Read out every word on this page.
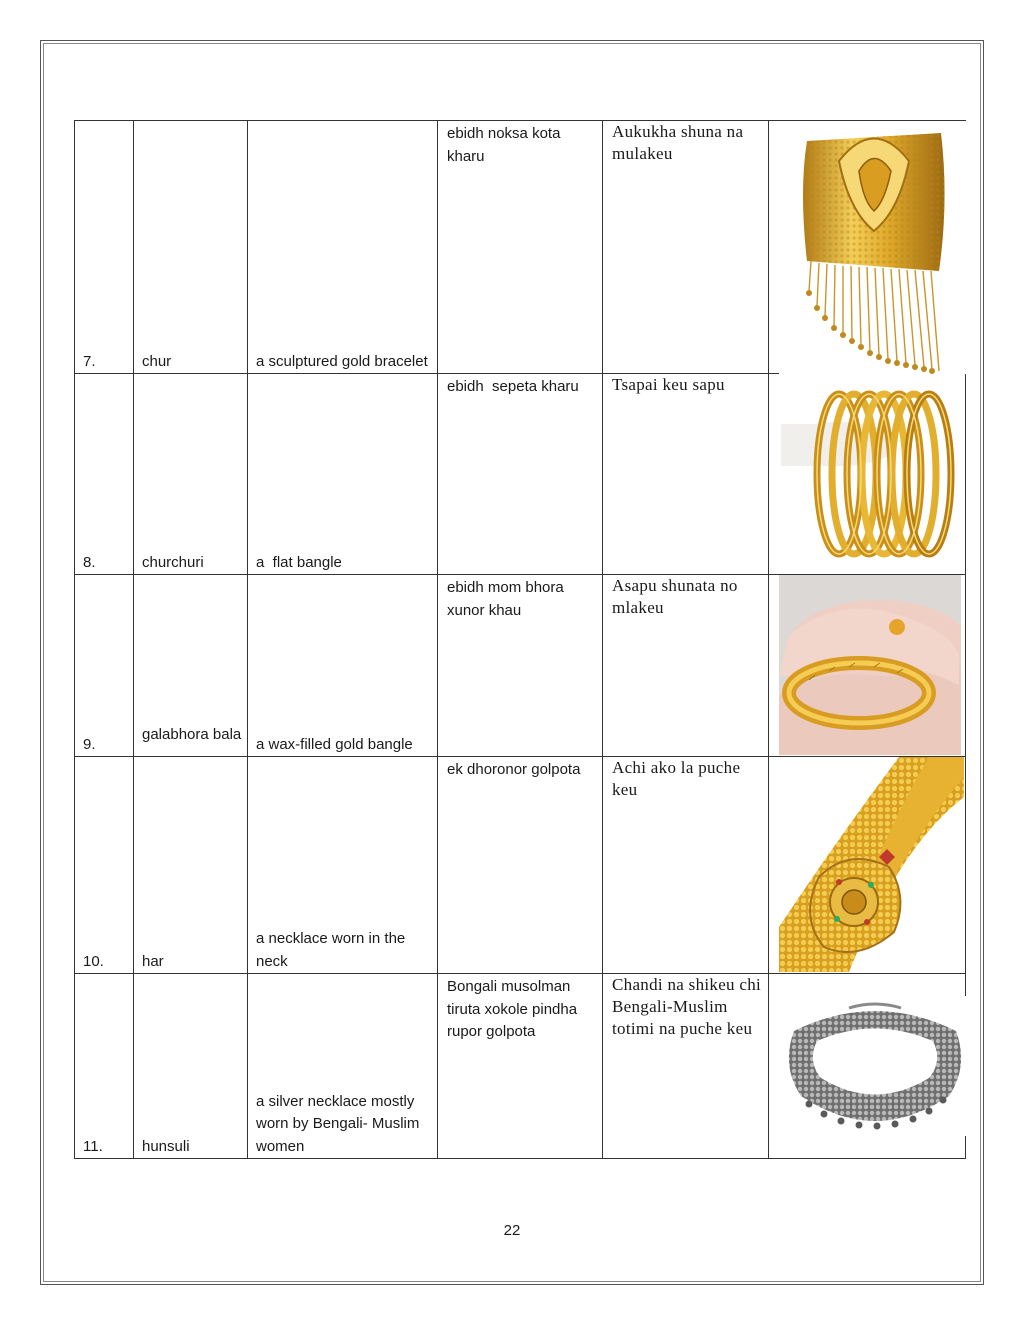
7.	chur	a sculptured gold bracelet	ebidh noksa kota kharu	Aukukha shuna na mulakeu

8.	churchuri	a  flat bangle	ebidh  sepeta kharu	Tsapai keu sapu

9.	galabhora bala	a wax-filled gold bangle	ebidh mom bhora xunor khau	Asapu shunata no mlakeu

10.	har	a necklace worn in the neck	ek dhoronor golpota	Achi ako la puche keu

11.	hunsuli	a silver necklace mostly worn by Bengali- Muslim women	Bongali musolman tiruta xokole pindha rupor golpota	Chandi na shikeu chi Bengali-Muslim totimi na puche keu

22
